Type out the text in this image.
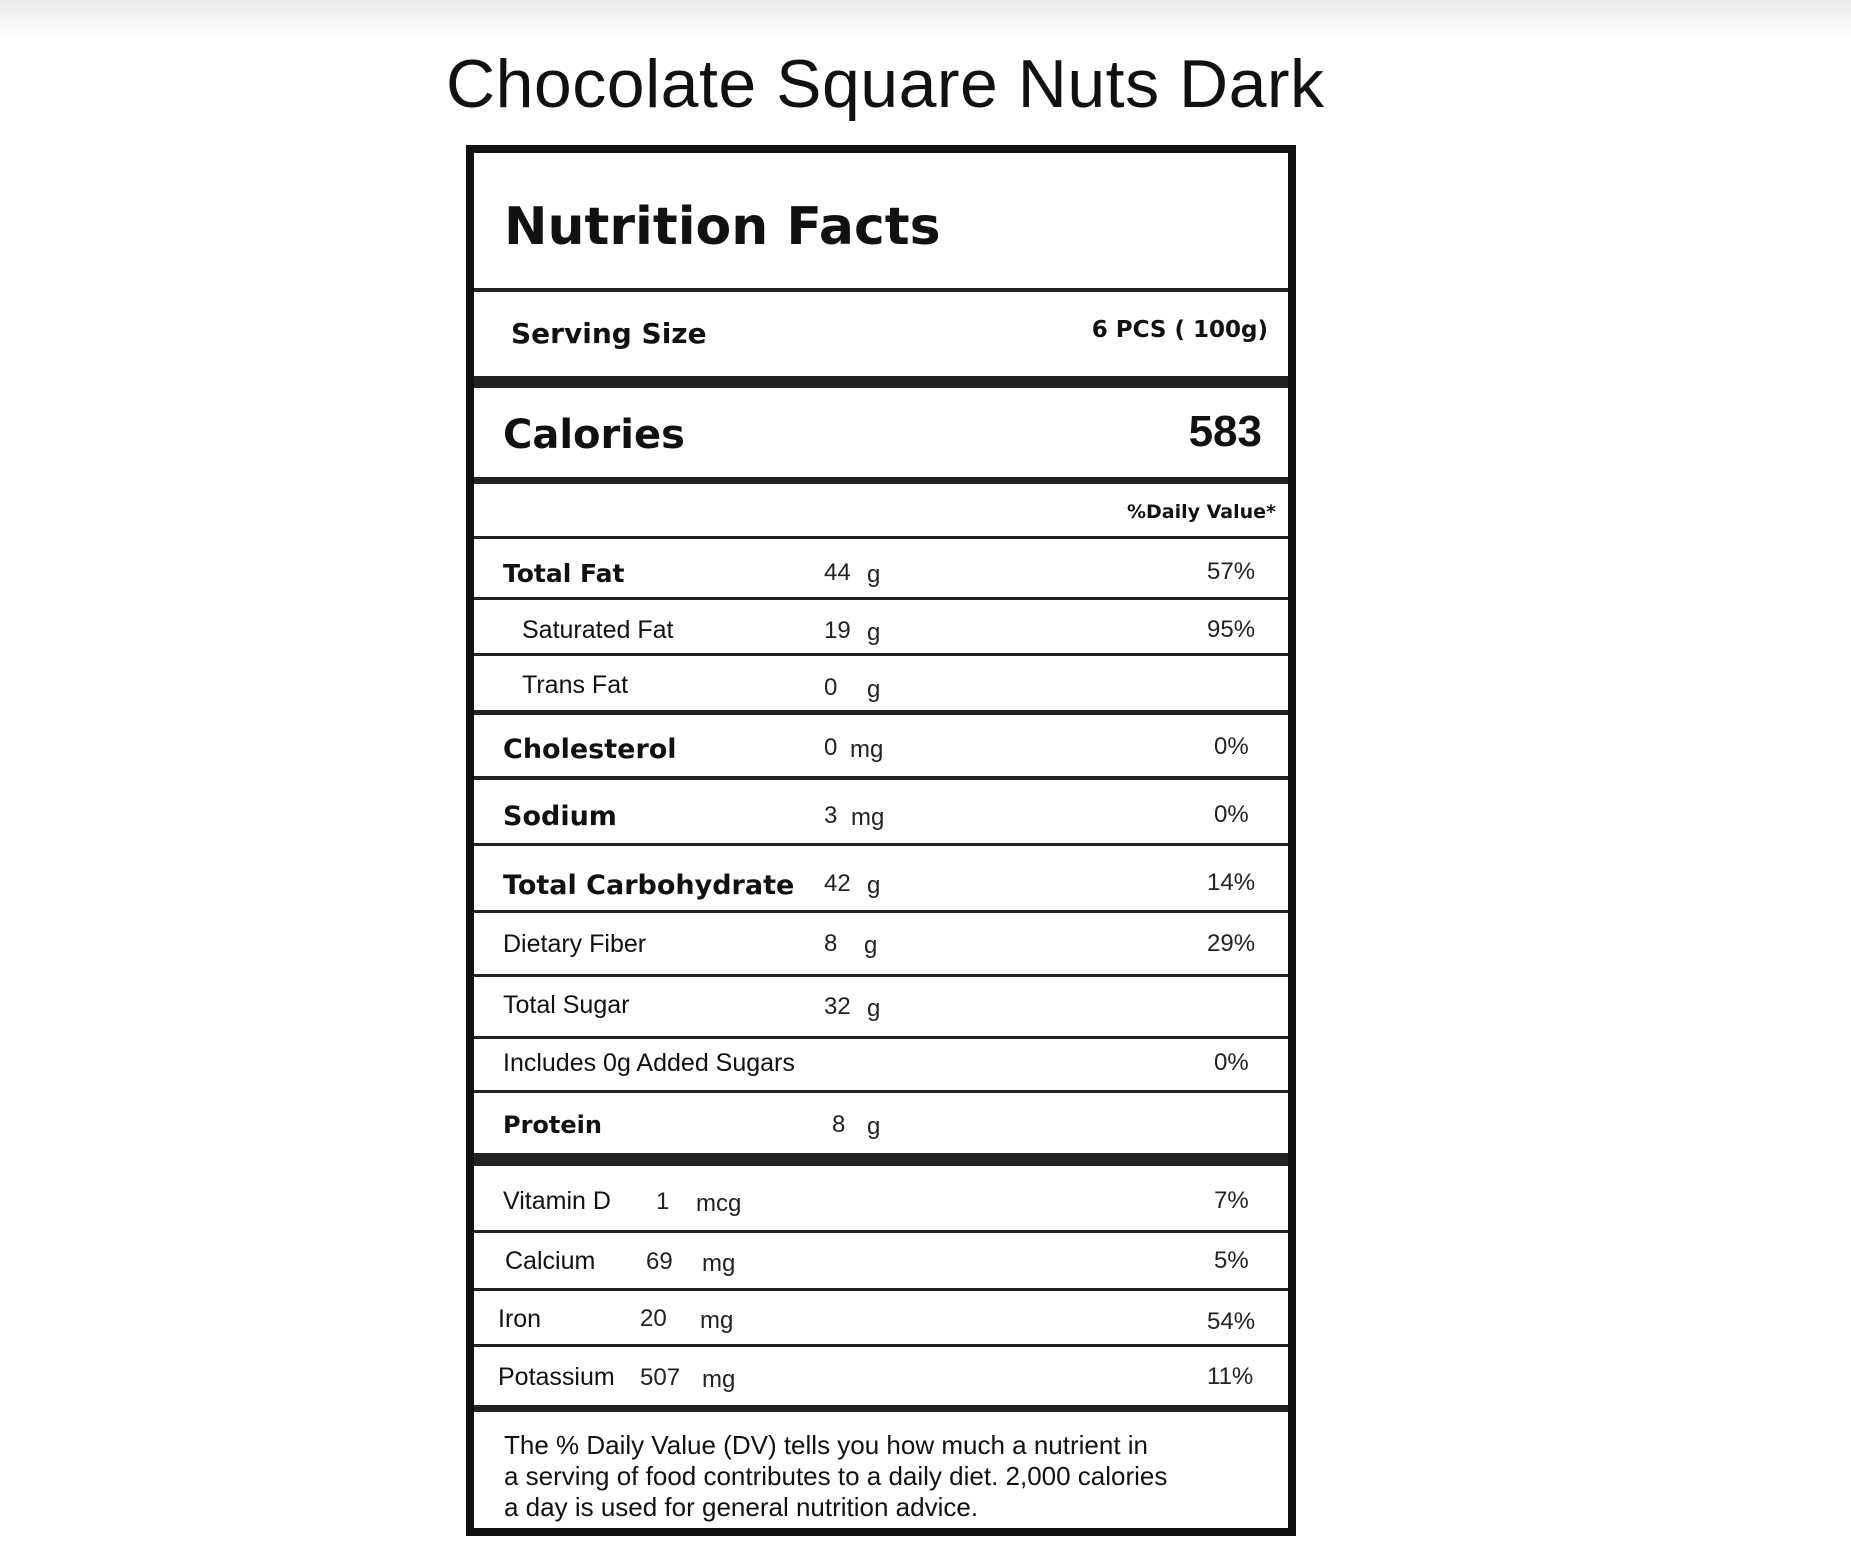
Chocolate Square Nuts Dark
Nutrition Facts
Serving Size	6 PCS ( 100g)
Calories	583
%Daily Value*
Total Fat	44 g	57%
Saturated Fat	19 g	95%
Trans Fat	0 g
Cholesterol	0 mg	0%
Sodium	3 mg	0%
Total Carbohydrate 42 g	14%
Dietary Fiber	8 g	29%
Total Sugar	32 g
Includes 0g Added Sugars	0%
Protein	8 g
Vitamin D 1 mcg	7%
Calcium 69 mg	5%
Iron	20 mg	54%
Potassium 507 mg	11%
The % Daily Value (DV) tells you how much a nutrient in
a serving of food contributes to a daily diet. 2,000 calories
a day is used for general nutrition advice.
